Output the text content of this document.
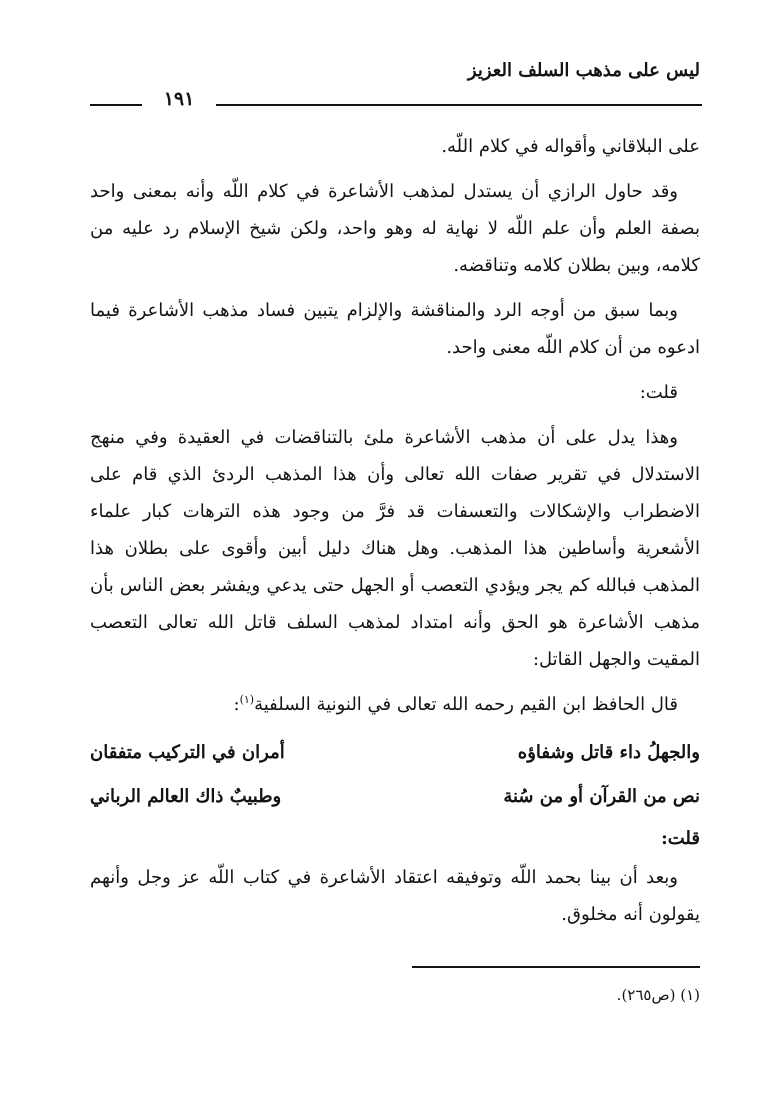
ليس على مذهب السلف العزيز
١٩١

على البلاقاني وأقواله في كلام اللّه.

وقد حاول الرازي أن يستدل لمذهب الأشاعرة في كلام اللّه وأنه بمعنى واحد بصفة العلم وأن علم اللّه لا نهاية له وهو واحد، ولكن شيخ الإسلام رد عليه من كلامه، وبين بطلان كلامه وتناقضه.

وبما سبق من أوجه الرد والمناقشة والإلزام يتبين فساد مذهب الأشاعرة فيما ادعوه من أن كلام اللّه معنى واحد.

قلت:

وهذا يدل على أن مذهب الأشاعرة ملئ بالتناقضات في العقيدة وفي منهج الاستدلال في تقرير صفات الله تعالى وأن هذا المذهب الردئ الذي قام على الاضطراب والإشكالات والتعسفات قد فرَّ من وجود هذه الترهات كبار علماء الأشعرية وأساطين هذا المذهب. وهل هناك دليل أبين وأقوى على بطلان هذا المذهب فبالله كم يجر ويؤدي التعصب أو الجهل حتى يدعي ويفشر بعض الناس بأن مذهب الأشاعرة هو الحق وأنه امتداد لمذهب السلف قاتل الله تعالى التعصب المقيت والجهل القاتل:

قال الحافظ ابن القيم رحمه الله تعالى في النونية السلفية$^{(١)}$:

والجهلُ داء قاتل وشفاؤه
أمران في التركيب متفقان
نص من القرآن أو من سُنة
وطبيبٌ ذاك العالم الرباني

قلت:

وبعد أن بينا بحمد اللّه وتوفيقه اعتقاد الأشاعرة في كتاب اللّه عز وجل وأنهم يقولون أنه مخلوق.

(١) (ص٢٦٥).
